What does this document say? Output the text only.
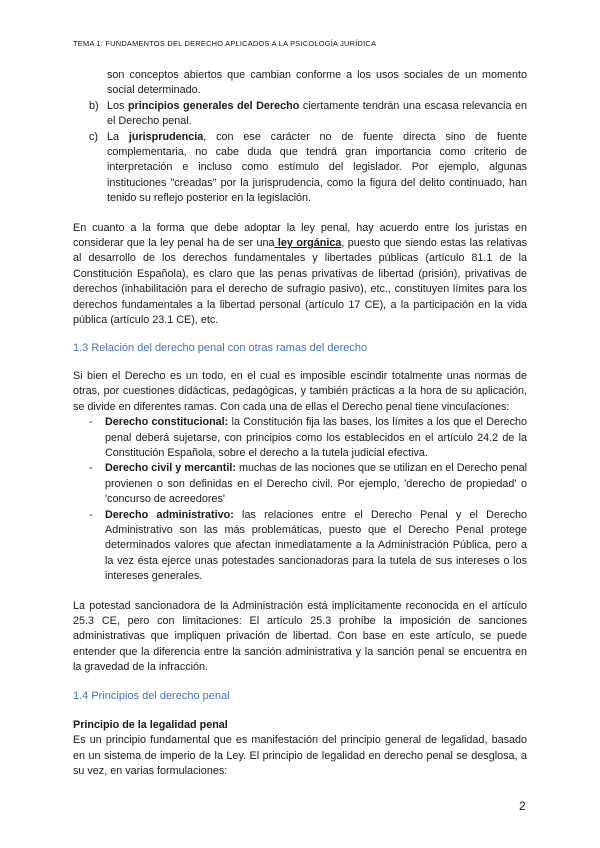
TEMA 1: FUNDAMENTOS DEL DERECHO APLICADOS A LA PSICOLOGÍA JURÍDICA

son conceptos abiertos que cambian conforme a los usos sociales de un momento social determinado.

b) Los principios generales del Derecho ciertamente tendrán una escasa relevancia en el Derecho penal.
c) La jurisprudencia, con ese carácter no de fuente directa sino de fuente complementaria, no cabe duda que tendrá gran importancia como criterio de interpretación e incluso como estímulo del legislador. Por ejemplo, algunas instituciones "creadas" por la jurisprudencia, como la figura del delito continuado, han tenido su reflejo posterior en la legislación.

En cuanto a la forma que debe adoptar la ley penal, hay acuerdo entre los juristas en considerar que la ley penal ha de ser una ley orgánica, puesto que siendo estas las relativas al desarrollo de los derechos fundamentales y libertades públicas (artículo 81.1 de la Constitución Española), es claro que las penas privativas de libertad (prisión), privativas de derechos (inhabilitación para el derecho de sufragio pasivo), etc., constituyen límites para los derechos fundamentales a la libertad personal (artículo 17 CE), a la participación en la vida pública (artículo 23.1 CE), etc.

1.3 Relación del derecho penal con otras ramas del derecho

Si bien el Derecho es un todo, en el cual es imposible escindir totalmente unas normas de otras, por cuestiones didácticas, pedagógicas, y también prácticas a la hora de su aplicación, se divide en diferentes ramas. Con cada una de ellas el Derecho penal tiene vinculaciones:

-	Derecho constitucional: la Constitución fija las bases, los límites a los que el Derecho penal deberá sujetarse, con principios como los establecidos en el artículo 24.2 de la Constitución Española, sobre el derecho a la tutela judicial efectiva.
-	Derecho civil y mercantil: muchas de las nociones que se utilizan en el Derecho penal provienen o son definidas en el Derecho civil. Por ejemplo, 'derecho de propiedad' o 'concurso de acreedores'
-	Derecho administrativo: las relaciones entre el Derecho Penal y el Derecho Administrativo son las más problemáticas, puesto que el Derecho Penal protege determinados valores que afectan inmediatamente a la Administración Pública, pero a la vez ésta ejerce unas potestades sancionadoras para la tutela de sus intereses o los intereses generales.

La potestad sancionadora de la Administración está implícitamente reconocida en el artículo 25.3 CE, pero con limitaciones: El artículo 25.3 prohíbe la imposición de sanciones administrativas que impliquen privación de libertad. Con base en este artículo, se puede entender que la diferencia entre la sanción administrativa y la sanción penal se encuentra en la gravedad de la infracción.

1.4 Principios del derecho penal

Principio de la legalidad penal

Es un principio fundamental que es manifestación del principio general de legalidad, basado en un sistema de imperio de la Ley. El principio de legalidad en derecho penal se desglosa, a su vez, en varias formulaciones:

2
